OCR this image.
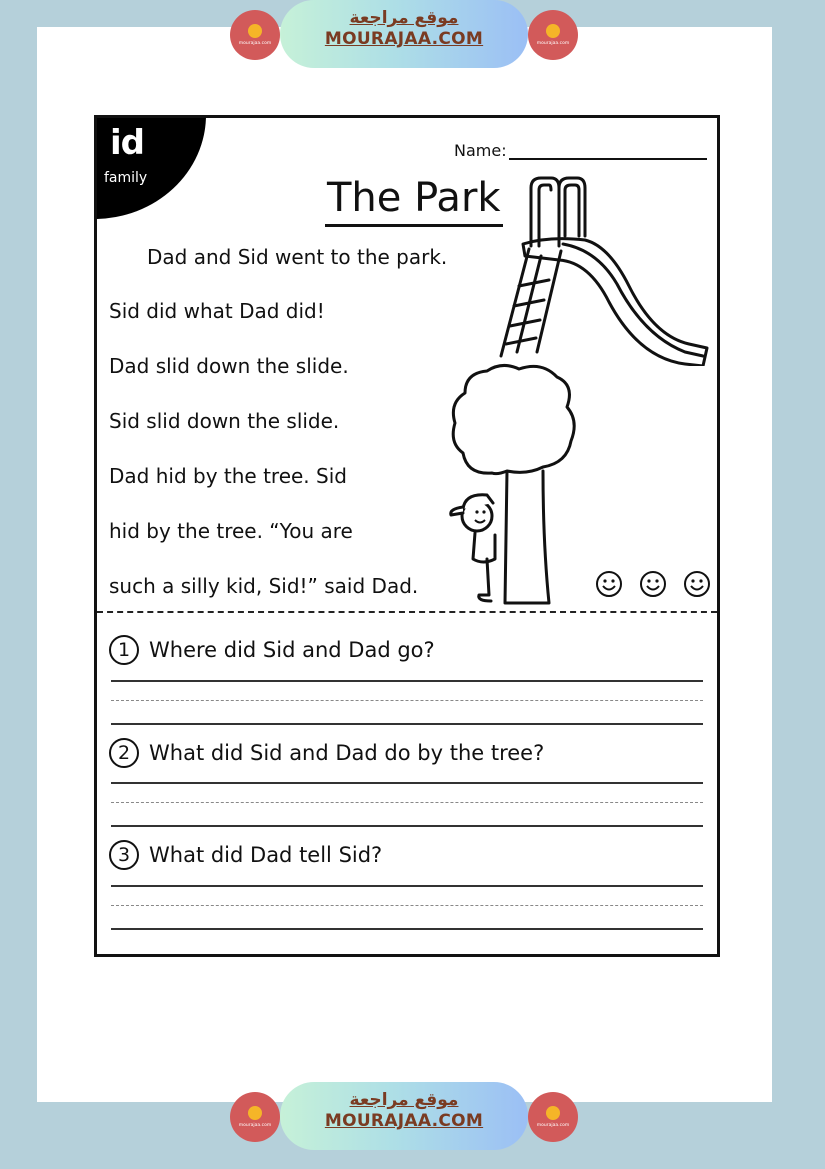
mourajaa.com
موقع مراجعة
MOURAJAA.COM	mourajaa.com
id
family
Name:
The Park
Dad and Sid went to the park.
Sid did what Dad did!
Dad slid down the slide.
Sid slid down the slide.
Dad hid by the tree. Sid
hid by the tree. “You are
such a silly kid, Sid!” said Dad.
1 Where did Sid and Dad go?
2 What did Sid and Dad do by the tree?
3 What did Dad tell Sid?
mourajaa.com
موقع مراجعة
MOURAJAA.COM	mourajaa.com
